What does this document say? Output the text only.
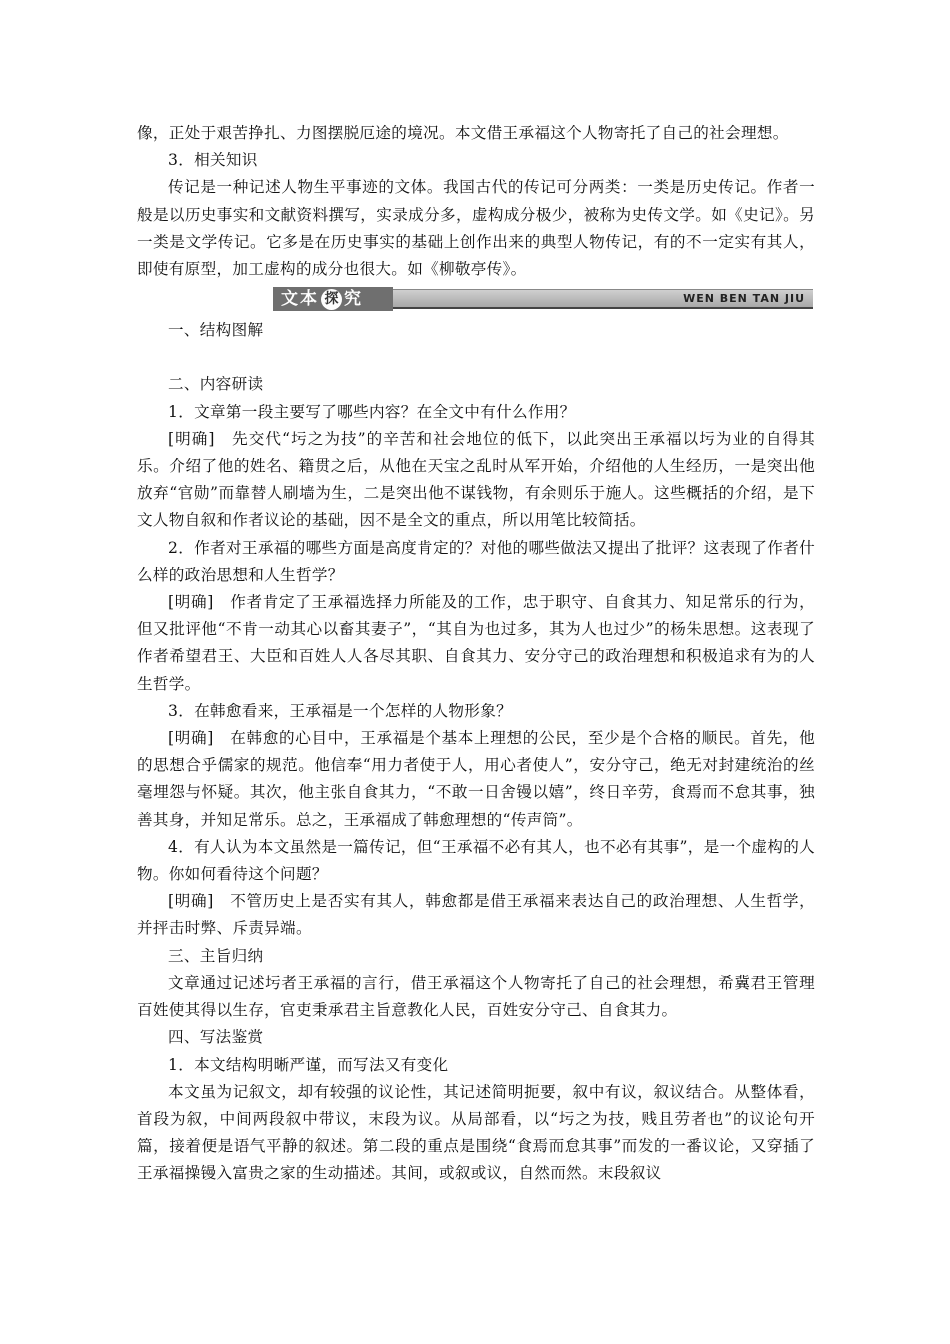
像，正处于艰苦挣扎、力图摆脱厄途的境况。本文借王承福这个人物寄托了自己的社会理想。

3．相关知识

传记是一种记述人物生平事迹的文体。我国古代的传记可分两类：一类是历史传记。作者一般是以历史事实和文献资料撰写，实录成分多，虚构成分极少，被称为史传文学。如《史记》。另一类是文学传记。它多是在历史事实的基础上创作出来的典型人物传记，有的不一定实有其人，即使有原型，加工虚构的成分也很大。如《柳敬亭传》。

文本 探 究	WEN BEN TAN JIU

一、结构图解

二、内容研读

1．文章第一段主要写了哪些内容？在全文中有什么作用？

[明确]　先交代“圬之为技”的辛苦和社会地位的低下，以此突出王承福以圬为业的自得其乐。介绍了他的姓名、籍贯之后，从他在天宝之乱时从军开始，介绍他的人生经历，一是突出他放弃“官勋”而靠替人刷墙为生，二是突出他不谋钱物，有余则乐于施人。这些概括的介绍，是下文人物自叙和作者议论的基础，因不是全文的重点，所以用笔比较简括。

2．作者对王承福的哪些方面是高度肯定的？对他的哪些做法又提出了批评？这表现了作者什么样的政治思想和人生哲学？

[明确]　作者肯定了王承福选择力所能及的工作，忠于职守、自食其力、知足常乐的行为，但又批评他“不肯一动其心以畜其妻子”，“其自为也过多，其为人也过少”的杨朱思想。这表现了作者希望君王、大臣和百姓人人各尽其职、自食其力、安分守己的政治理想和积极追求有为的人生哲学。

3．在韩愈看来，王承福是一个怎样的人物形象？

[明确]　在韩愈的心目中，王承福是个基本上理想的公民，至少是个合格的顺民。首先，他的思想合乎儒家的规范。他信奉“用力者使于人，用心者使人”，安分守己，绝无对封建统治的丝毫埋怨与怀疑。其次，他主张自食其力，“不敢一日舍镘以嬉”，终日辛劳，食焉而不怠其事，独善其身，并知足常乐。总之，王承福成了韩愈理想的“传声筒”。

4．有人认为本文虽然是一篇传记，但“王承福不必有其人，也不必有其事”，是一个虚构的人物。你如何看待这个问题？

[明确]　不管历史上是否实有其人，韩愈都是借王承福来表达自己的政治理想、人生哲学，并抨击时弊、斥责异端。

三、主旨归纳

文章通过记述圬者王承福的言行，借王承福这个人物寄托了自己的社会理想，希冀君王管理百姓使其得以生存，官吏秉承君主旨意教化人民，百姓安分守己、自食其力。

四、写法鉴赏

1．本文结构明晰严谨，而写法又有变化

本文虽为记叙文，却有较强的议论性，其记述简明扼要，叙中有议，叙议结合。从整体看，首段为叙，中间两段叙中带议，末段为议。从局部看，以“圬之为技，贱且劳者也”的议论句开篇，接着便是语气平静的叙述。第二段的重点是围绕“食焉而怠其事”而发的一番议论，又穿插了王承福操镘入富贵之家的生动描述。其间，或叙或议，自然而然。末段叙议
